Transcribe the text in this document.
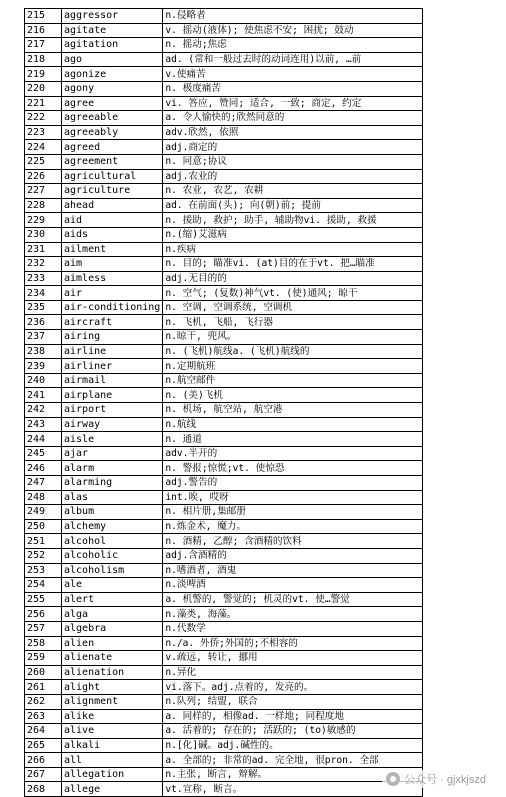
215	aggressor	n.侵略者
216	agitate	v. 摇动(液体); 使焦虑不安; 困扰; 鼓动
217	agitation	n. 摇动;焦虑
218	ago	ad. (常和一般过去时的动词连用)以前, …前
219	agonize	v.使痛苦
220	agony	n. 极度痛苦
221	agree	vi. 答应, 赞同; 适合, 一致; 商定, 约定
222	agreeable	a. 令人愉快的;欣然同意的
223	agreeably	adv.欣然, 依照
224	agreed	adj.商定的
225	agreement	n. 同意;协议
226	agricultural	adj.农业的
227	agriculture	n. 农业, 农艺, 农耕
228	ahead	ad. 在前面(头); 向(朝)前; 提前
229	aid	n. 援助, 救护; 助手, 辅助物vi. 援助, 救援
230	aids	n.(缩)艾滋病
231	ailment	n.疾病
232	aim	n. 目的; 瞄准vi. (at)目的在于vt. 把…瞄准
233	aimless	adj.无目的的
234	air	n. 空气; (复数)神气vt. (使)通风; 晾干
235	air-conditioning	n. 空调, 空调系统, 空调机
236	aircraft	n. 飞机, 飞船, 飞行器
237	airing	n.晾干, 兜风。
238	airline	n. (飞机)航线a. (飞机)航线的
239	airliner	n.定期航班
240	airmail	n.航空邮件
241	airplane	n. (美)飞机
242	airport	n. 机场, 航空站, 航空港
243	airway	n.航线
244	aisle	n. 通道
245	ajar	adv.半开的
246	alarm	n. 警报;惊慌;vt. 使惊恐
247	alarming	adj.警告的
248	alas	int.唉, 哎呀
249	album	n. 相片册,集邮册
250	alchemy	n.炼金术, 魔力。
251	alcohol	n. 酒精, 乙醇; 含酒精的饮料
252	alcoholic	adj.含酒精的
253	alcoholism	n.嗜酒者, 酒鬼
254	ale	n.淡啤酒
255	alert	a. 机警的, 警觉的; 机灵的vt. 使…警觉
256	alga	n.藻类, 海藻。
257	algebra	n.代数学
258	alien	n./a. 外侨;外国的;不相容的
259	alienate	v.疏远, 转让, 挪用
260	alienation	n.异化
261	alight	vi.落下。adj.点着的, 发亮的。
262	alignment	n.队列; 结盟, 联合
263	alike	a. 同样的, 相像ad. 一样地; 同程度地
264	alive	a. 活着的; 存在的; 活跃的; (to)敏感的
265	alkali	n.[化]碱。adj.碱性的。
266	all	a. 全部的; 非常的ad. 完全地, 很pron. 全部
267	allegation	n.主张, 断言, 辩解。
268	allege	vt.宣称, 断言。
公众号 · gjxkjszd
